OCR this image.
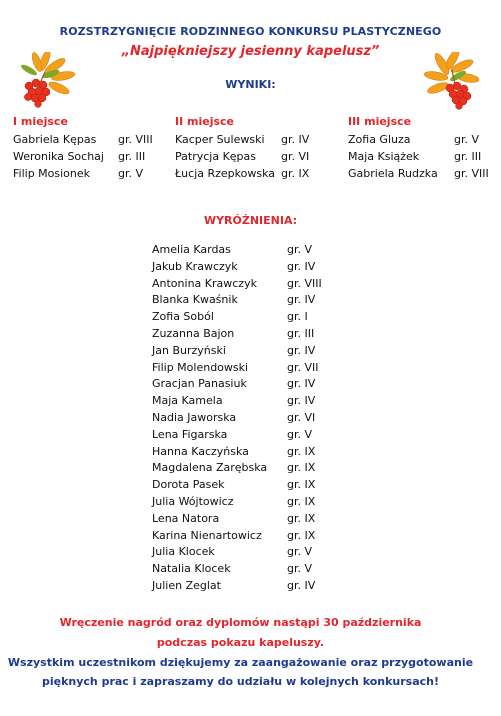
ROZSTRZYGNIĘCIE RODZINNEGO KONKURSU PLASTYCZNEGO
„Najpiękniejszy jesienny kapelusz”
WYNIKI:
I miejsce
Gabriela Kępas gr. VIII
Weronika Sochaj gr. III
Filip Mosionek	gr. V
II miejsce
Kacper Sulewski gr. IV
Patrycja Kępas gr. VI
Łucja Rzepkowska gr. IX
III miejsce
Zofia Gluza	gr. V
Maja Książek	gr. III
Gabriela Rudzka gr. VIII
WYRÓŻNIENIA:
Amelia Kardas	gr. V
Jakub Krawczyk	gr. IV
Antonina Krawczyk	gr. VIII
Blanka Kwaśnik	gr. IV
Zofia Soból	gr. I
Zuzanna Bajon	gr. III
Jan Burzyński	gr. IV
Filip Molendowski	gr. VII
Gracjan Panasiuk	gr. IV
Maja Kamela	gr. IV
Nadia Jaworska	gr. VI
Lena Figarska	gr. V
Hanna Kaczyńska	gr. IX
Magdalena Zarębska gr. IX
Dorota Pasek	gr. IX
Julia Wójtowicz	gr. IX
Lena Natora	gr. IX
Karina Nienartowicz gr. IX
Julia Klocek	gr. V
Natalia Klocek	gr. V
Julien Zeglat	gr. IV
Wręczenie nagród oraz dyplomów nastąpi 30 października
podczas pokazu kapeluszy.
Wszystkim uczestnikom dziękujemy za zaangażowanie oraz przygotowanie
pięknych prac i zapraszamy do udziału w kolejnych konkursach!
